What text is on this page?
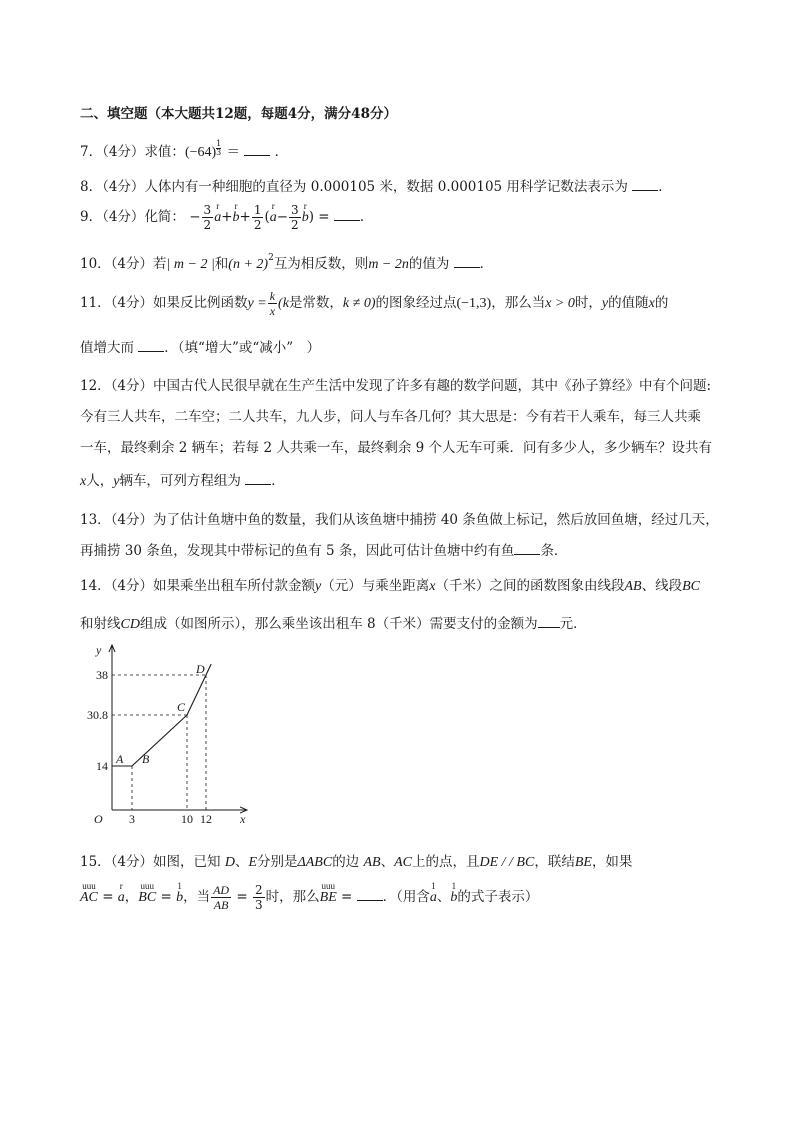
二、填空题（本大题共12题，每题4分，满分48分）
7．（4分）求值：$(-64) \frac{1}{3}$ ＝	．
8．（4分）人体内有一种细胞的直径为 0.000105 米，数据 0.000105 用科学记数法表示为 ．
9．（4分）化简： − $\frac{3}{2}$ r
a+
r
$b+ \frac{1}{2}$ (
r
$a- \frac{3}{2}$ r
b) = ．
10．（4分）若| m − 2 |和$(n + 2)^2$互为相反数，则m − 2n的值为 ．
11．（4分）如果反比例函数$y = \frac{k}{x} (k$是常数，k ≠ 0)的图象经过点(−1,3)，那么当x > 0时，y的值随x的
值增大而 ．（填“增大”或“减小”　）
12．（4分）中国古代人民很早就在生产生活中发现了许多有趣的数学问题，其中《孙子算经》中有个问题:
今有三人共车，二车空；二人共车，九人步，问人与车各几何？其大思是：今有若干人乘车，每三人共乘
一车，最终剩余 2 辆车；若每 2 人共乘一车，最终剩余 9 个人无车可乘．问有多少人，多少辆车？设共有
x人，y辆车，可列方程组为 ．
13．（4分）为了估计鱼塘中鱼的数量，我们从该鱼塘中捕捞 40 条鱼做上标记，然后放回鱼塘，经过几天，
再捕捞 30 条鱼，发现其中带标记的鱼有 5 条，因此可估计鱼塘中约有鱼 条．
14．（4分）如果乘坐出租车所付款金额y（元）与乘坐距离x（千米）之间的函数图象由线段AB、线段BC
和射线CD组成（如图所示），那么乘坐该出租车 8（千米）需要支付的金额为 元．
y
x
O
38
30.8
14
3	10 12
A B
C
D
15．（4分）如图，已知 D、E分别是ΔABC的边 AB、AC上的点，且DE / / BC，联结BE，如果
uuu
AC =
r
a，
uuu
BC =
1
b，当 $\frac{AD}{AB} = \frac{2}{3}$ 时，那么
uuu
BE = ．（用含
1
a、
1
b的式子表示）
